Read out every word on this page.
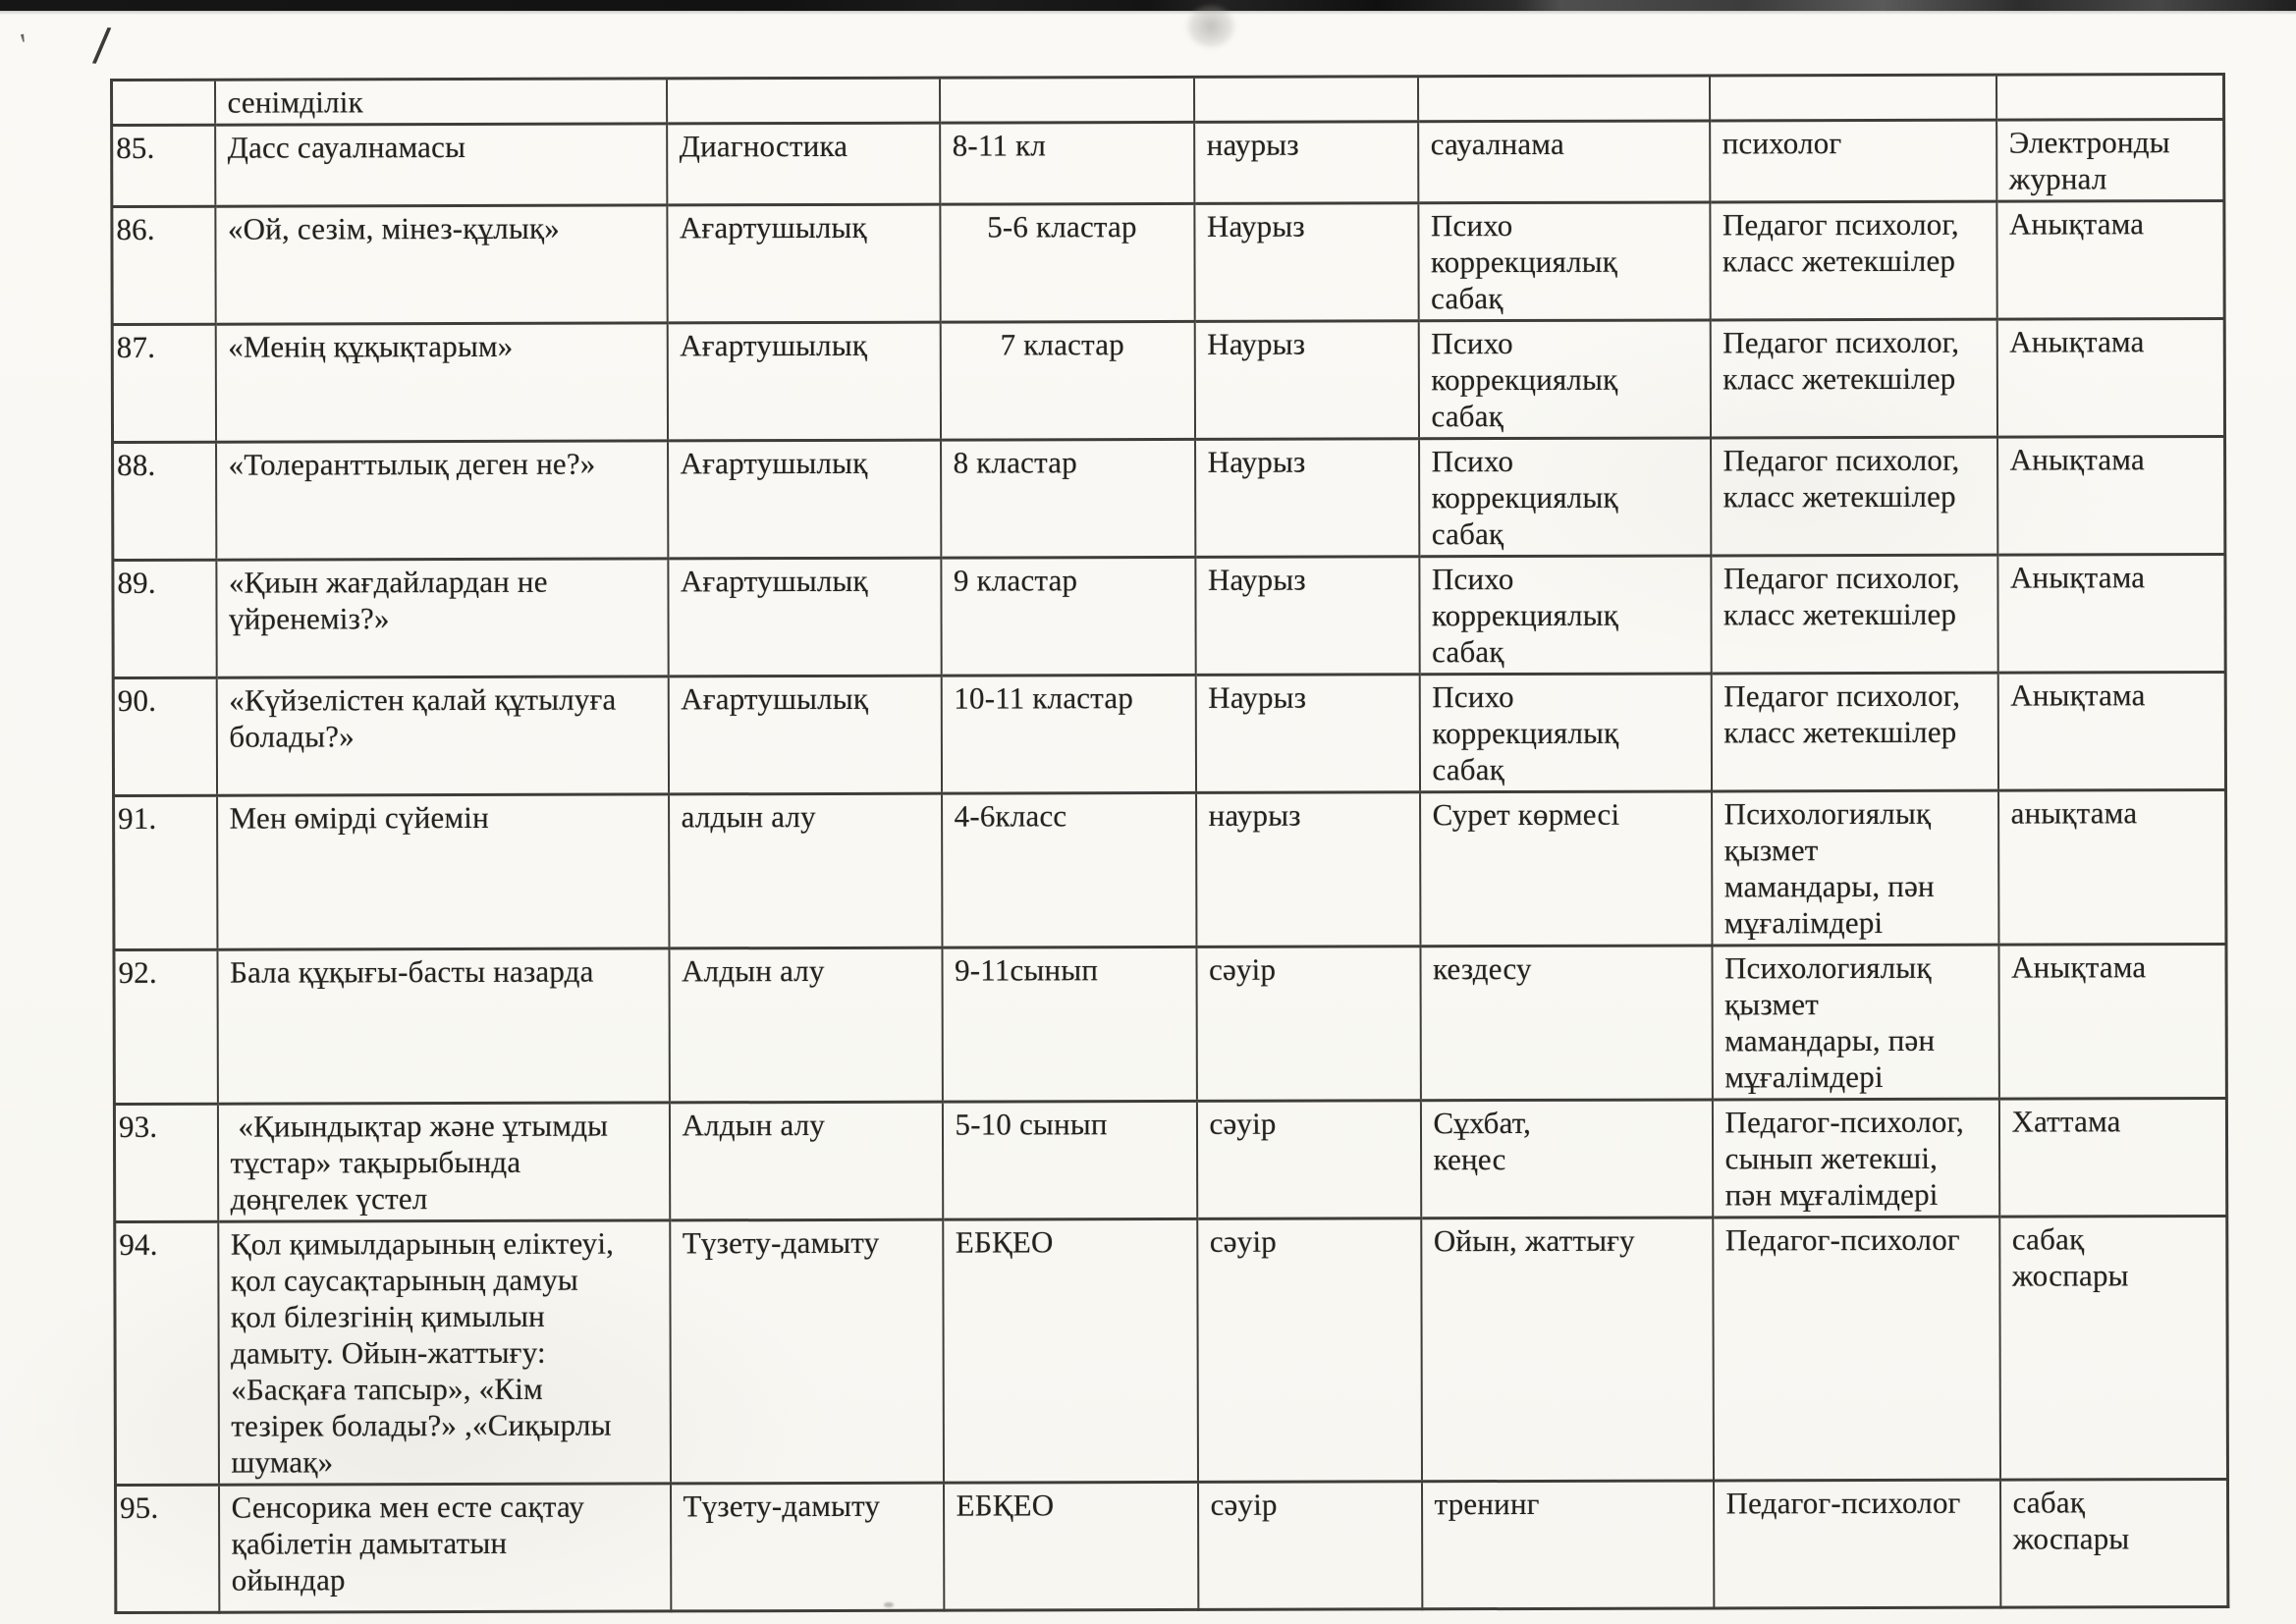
/
'
	сенімділік						
85.	Дасс сауалнамасы	Диагностика	8-11 кл	наурыз	сауалнама	психолог	Электронды
журнал
86.	«Ой, сезім, мінез-құлық»	Ағартушылық	5-6 кластар	Наурыз	Психо
коррекциялық
сабақ	Педагог психолог,
класс жетекшілер	Анықтама
87.	«Менің құқықтарым»	Ағартушылық	7 кластар	Наурыз	Психо
коррекциялық
сабақ	Педагог психолог,
класс жетекшілер	Анықтама
88.	«Толеранттылық деген не?»	Ағартушылық	8 кластар	Наурыз	Психо
коррекциялық
сабақ	Педагог психолог,
класс жетекшілер	Анықтама
89.	«Қиын жағдайлардан не
үйренеміз?»	Ағартушылық	9 кластар	Наурыз	Психо
коррекциялық
сабақ	Педагог психолог,
класс жетекшілер	Анықтама
90.	«Күйзелістен қалай құтылуға
болады?»	Ағартушылық	10-11 кластар	Наурыз	Психо
коррекциялық
сабақ	Педагог психолог,
класс жетекшілер	Анықтама
91.	Мен өмірді сүйемін	алдын алу	4-6класс	наурыз	Сурет көрмесі	Психологиялық
қызмет
мамандары, пән
мұғалімдері	анықтама
92.	Бала құқығы-басты назарда	Алдын алу	9-11сынып	сәуір	кездесу	Психологиялық
қызмет
мамандары, пән
мұғалімдері	Анықтама
93.	«Қиындықтар және ұтымды
тұстар» тақырыбында
дөңгелек үстел	Алдын алу	5-10 сынып	сәуір	Сұхбат,
кеңес	Педагог-психолог,
сынып жетекші,
пән мұғалімдері	Хаттама
94.	Қол қимылдарының еліктеуі,
қол саусақтарының дамуы
қол білезгінің қимылын
дамыту. Ойын-жаттығу:
«Басқаға тапсыр», «Кім
тезірек болады?» ,«Сиқырлы
шумақ»	Түзету-дамыту	ЕБҚЕО	сәуір	Ойын, жаттығу	Педагог-психолог	сабақ
жоспары
95.	Сенсорика мен есте сақтау
қабілетін дамытатын
ойындар	Түзету-дамыту	ЕБҚЕО	сәуір	тренинг	Педагог-психолог	сабақ
жоспары
